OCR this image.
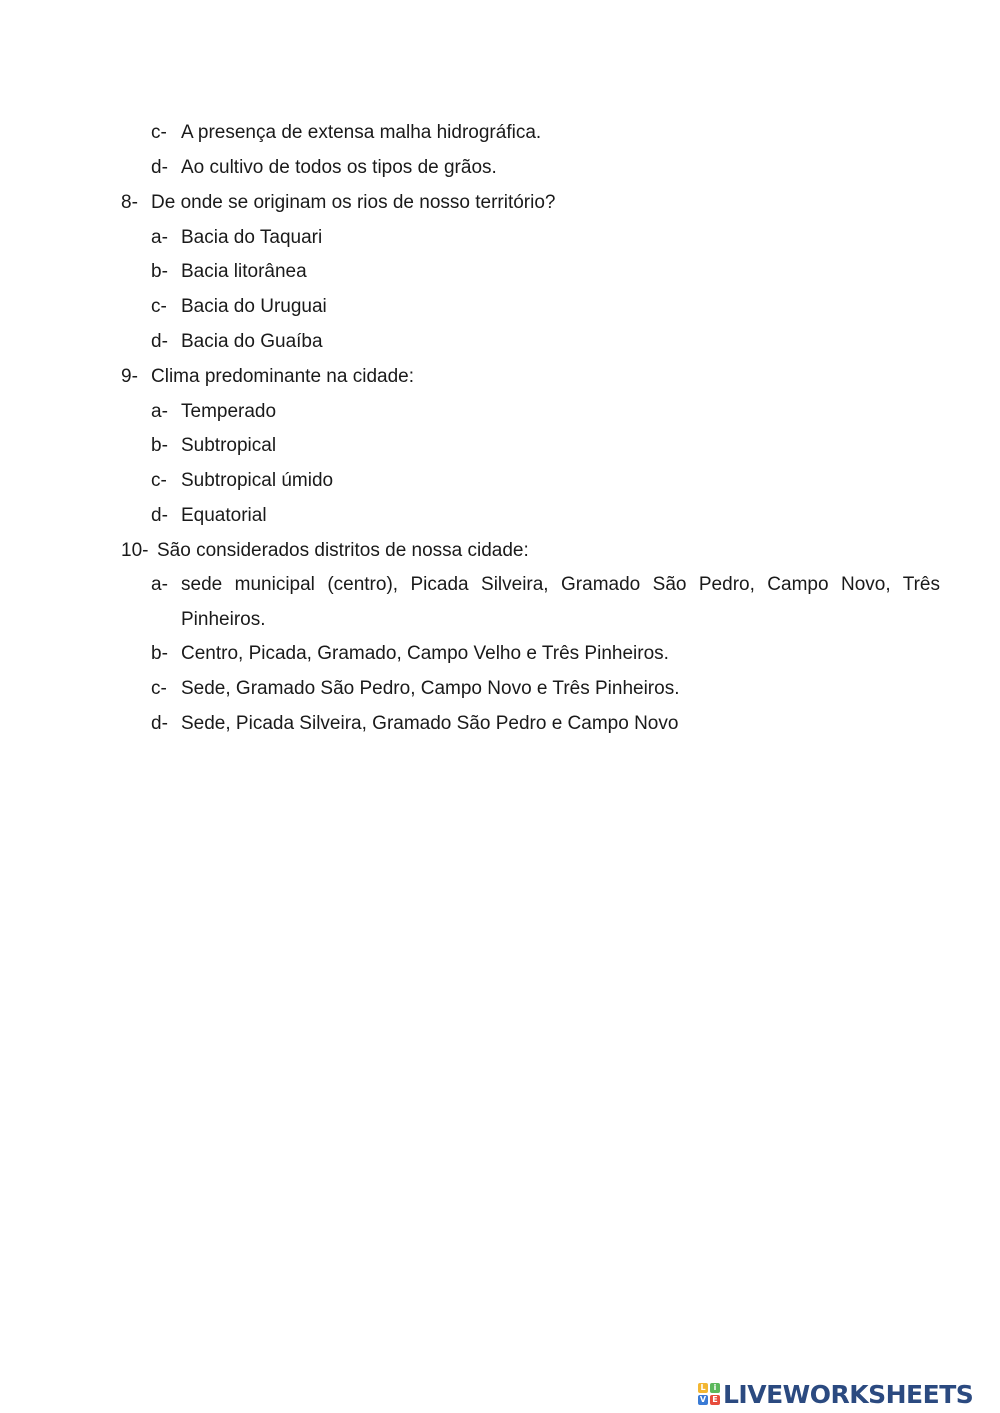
c- A presença de extensa malha hidrográfica.
d- Ao cultivo de todos os tipos de grãos.
8- De onde se originam os rios de nosso território?
a- Bacia do Taquari
b- Bacia litorânea
c- Bacia do Uruguai
d- Bacia do Guaíba
9- Clima predominante na cidade:
a- Temperado
b- Subtropical
c- Subtropical úmido
d- Equatorial
10- São considerados distritos de nossa cidade:
a- sede municipal (centro), Picada Silveira, Gramado São Pedro, Campo Novo, Três Pinheiros.
b- Centro, Picada, Gramado, Campo Velho e Três Pinheiros.
c- Sede, Gramado São Pedro, Campo Novo e Três Pinheiros.
d- Sede, Picada Silveira, Gramado São Pedro e Campo Novo
L	i
V E LIVEWORKSHEETS
